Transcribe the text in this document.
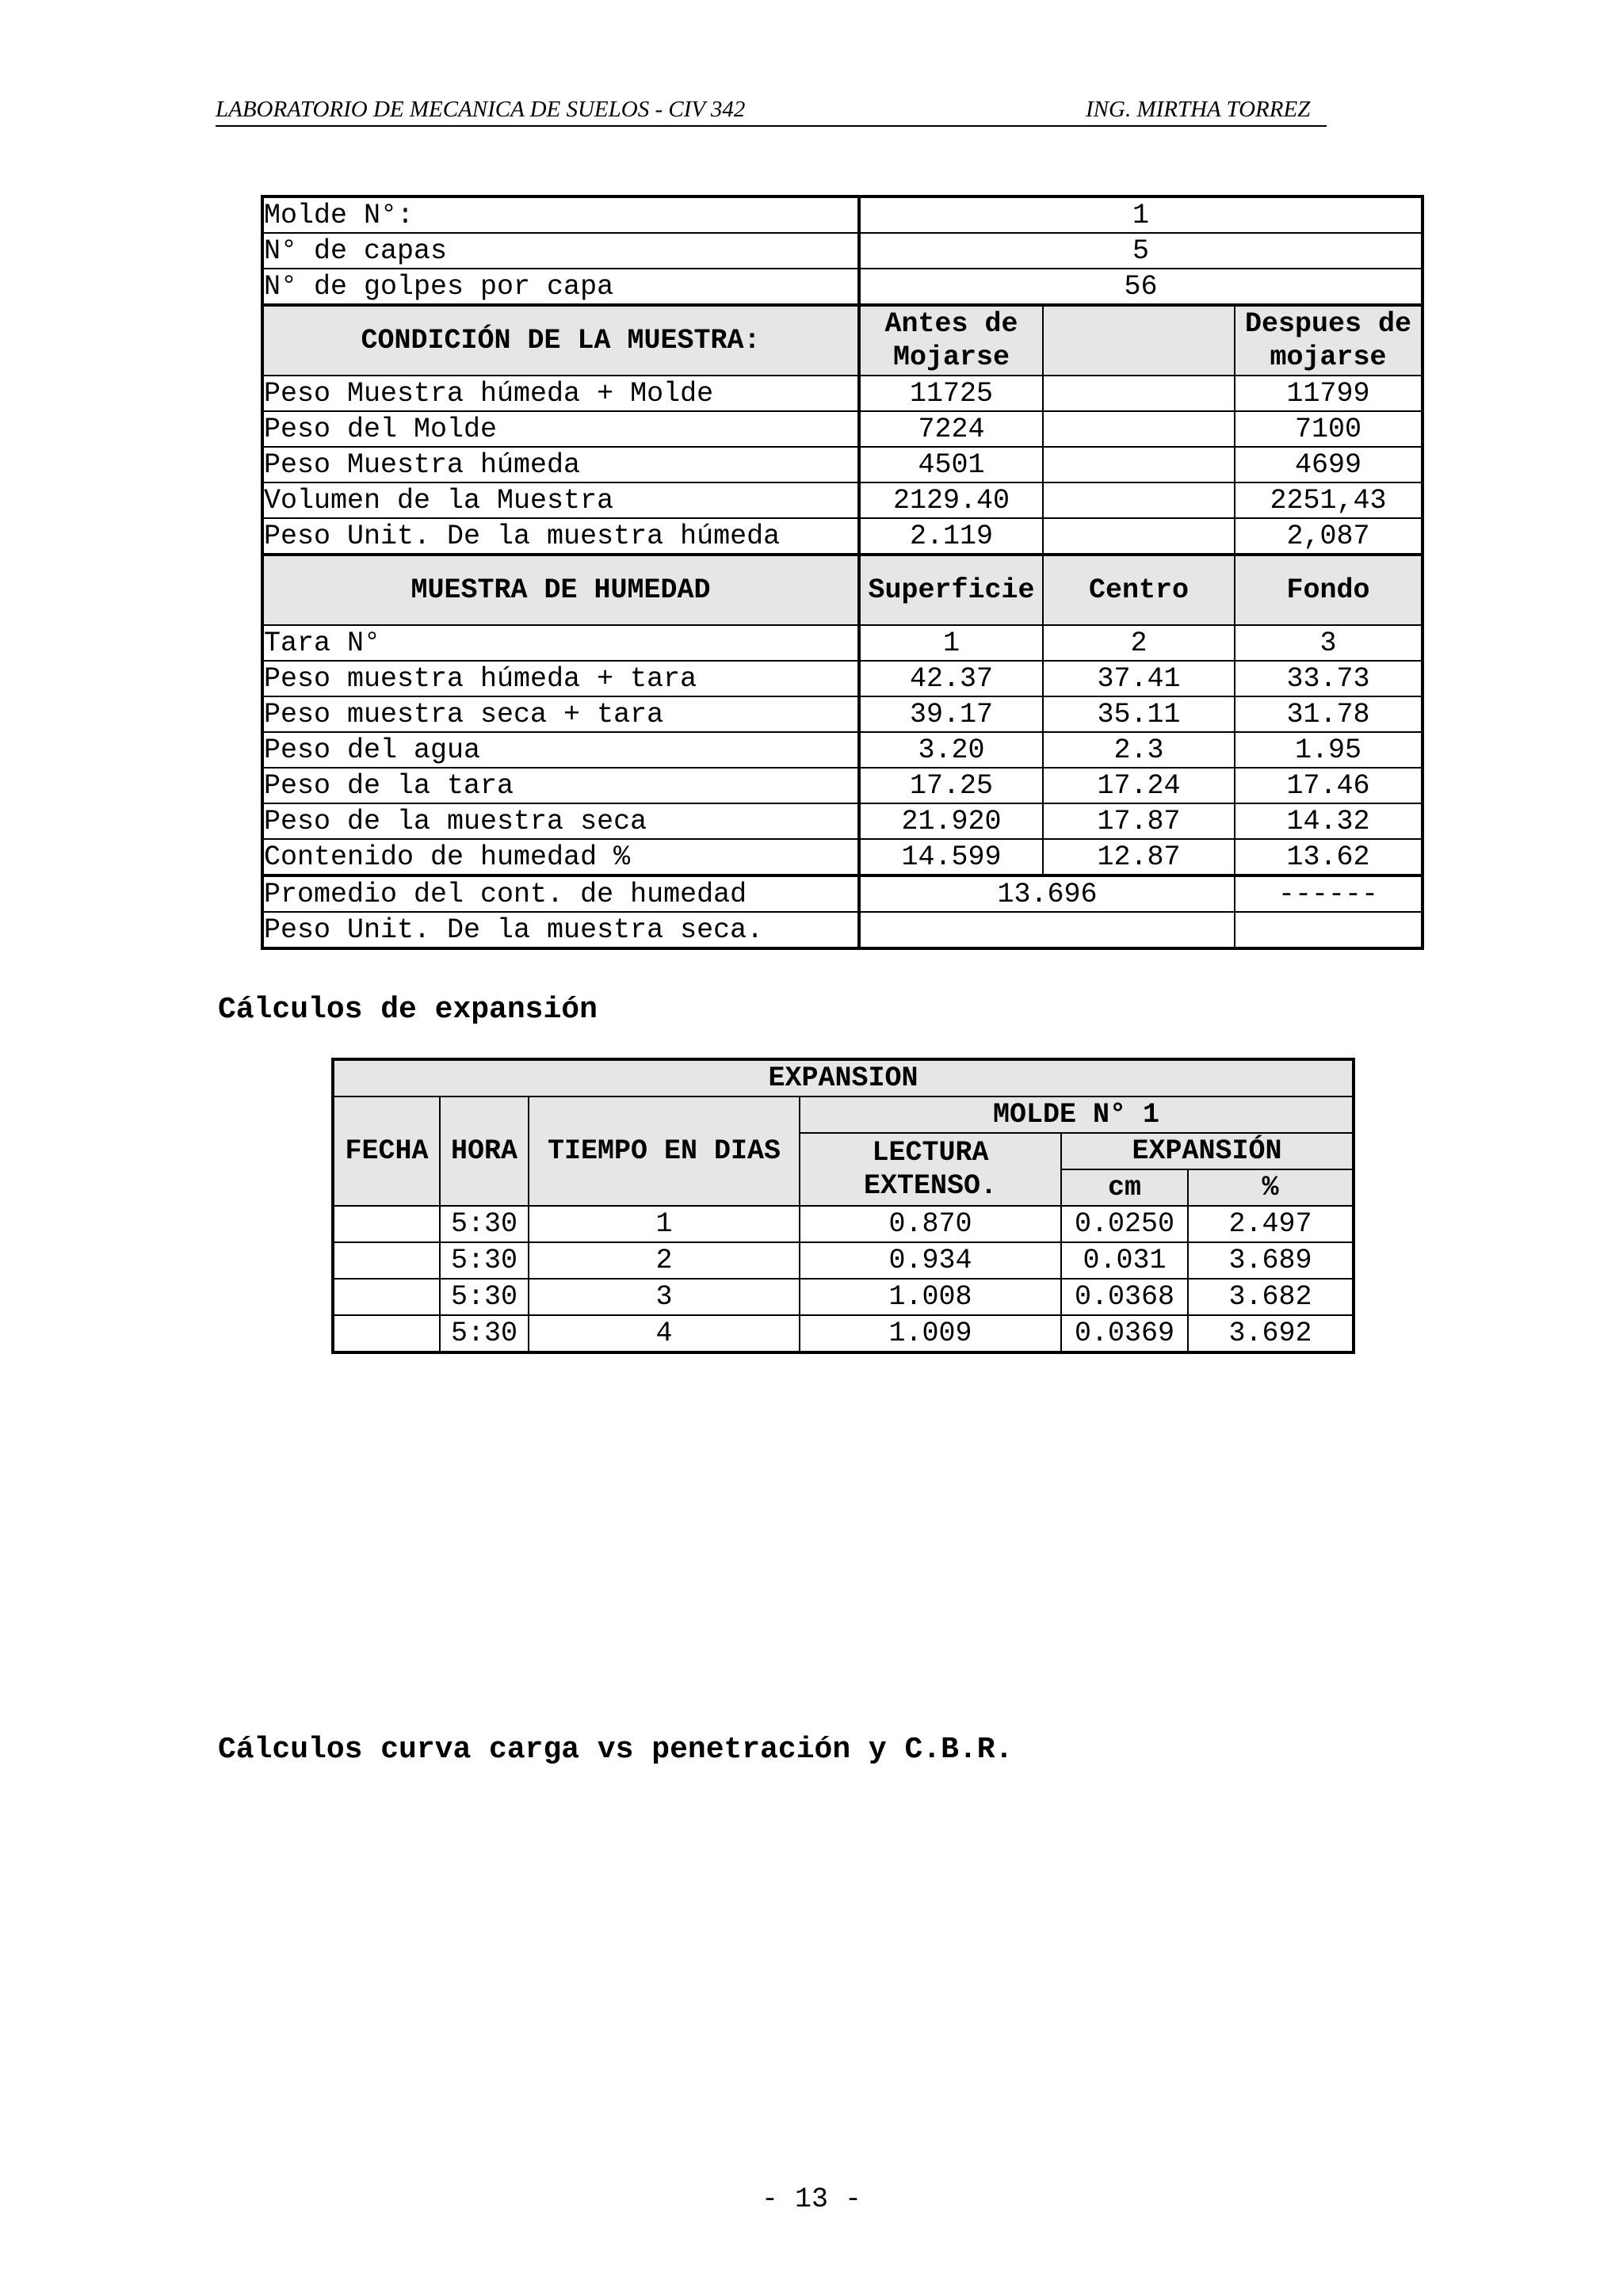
LABORATORIO DE MECANICA DE SUELOS - CIV 342	ING. MIRTHA TORREZ
Molde N°:	1		
N° de capas	5		
N° de golpes por capa	56		
CONDICIÓN DE LA MUESTRA:	Antes de Mojarse		Despues de mojarse
Peso Muestra húmeda + Molde	11725		11799
Peso del Molde	7224		7100
Peso Muestra húmeda	4501		4699
Volumen de la Muestra	2129.40		2251,43
Peso Unit. De la muestra húmeda	2.119		2,087
MUESTRA DE HUMEDAD	Superficie	Centro	Fondo
Tara N°	1	2	3
Peso muestra húmeda + tara	42.37	37.41	33.73
Peso muestra seca + tara	39.17	35.11	31.78
Peso del agua	3.20	2.3	1.95
Peso de la tara	17.25	17.24	17.46
Peso de la muestra seca	21.920	17.87	14.32
Contenido de humedad %	14.599	12.87	13.62
Promedio del cont. de humedad	13.696		------
Peso Unit. De la muestra seca.			
Cálculos de expansión
EXPANSION					
FECHA	HORA	TIEMPO EN DIAS	MOLDE N° 1		
			LECTURA EXTENSO.	EXPANSIÓN	
				cm	%
	5:30	1	0.870	0.0250	2.497
	5:30	2	0.934	0.031	3.689
	5:30	3	1.008	0.0368	3.682
	5:30	4	1.009	0.0369	3.692
Cálculos curva carga vs penetración y C.B.R.
- 13 -
